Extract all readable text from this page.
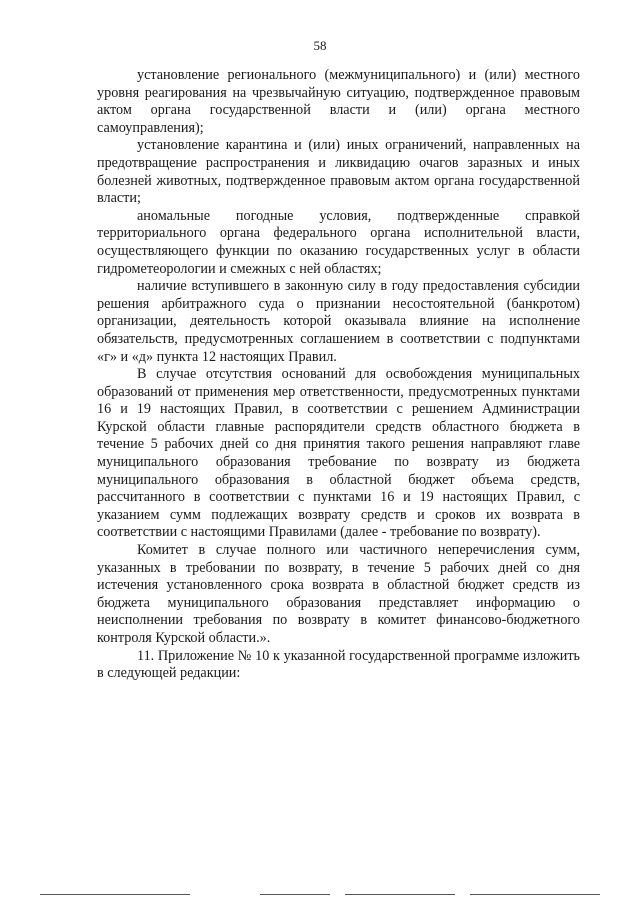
58

установление регионального (межмуниципального) и (или) местного уровня реагирования на чрезвычайную ситуацию, подтвержденное правовым актом органа государственной власти и (или) органа местного самоуправления);

установление карантина и (или) иных ограничений, направленных на предотвращение распространения и ликвидацию очагов заразных и иных болезней животных, подтвержденное правовым актом органа государственной власти;

аномальные погодные условия, подтвержденные справкой территориального органа федерального органа исполнительной власти, осуществляющего функции по оказанию государственных услуг в области гидрометеорологии и смежных с ней областях;

наличие вступившего в законную силу в году предоставления субсидии решения арбитражного суда о признании несостоятельной (банкротом) организации, деятельность которой оказывала влияние на исполнение обязательств, предусмотренных соглашением в соответствии с подпунктами «г» и «д» пункта 12 настоящих Правил.

В случае отсутствия оснований для освобождения муниципальных образований от применения мер ответственности, предусмотренных пунктами 16 и 19 настоящих Правил, в соответствии с решением Администрации Курской области главные распорядители средств областного бюджета в течение 5 рабочих дней со дня принятия такого решения направляют главе муниципального образования требование по возврату из бюджета муниципального образования в областной бюджет объема средств, рассчитанного в соответствии с пунктами 16 и 19 настоящих Правил, с указанием сумм подлежащих возврату средств и сроков их возврата в соответствии с настоящими Правилами (далее - требование по возврату).

Комитет в случае полного или частичного неперечисления сумм, указанных в требовании по возврату, в течение 5 рабочих дней со дня истечения установленного срока возврата в областной бюджет средств из бюджета муниципального образования представляет информацию о неисполнении требования по возврату в комитет финансово-бюджетного контроля Курской области.».

11. Приложение № 10 к указанной государственной программе изложить в следующей редакции:
